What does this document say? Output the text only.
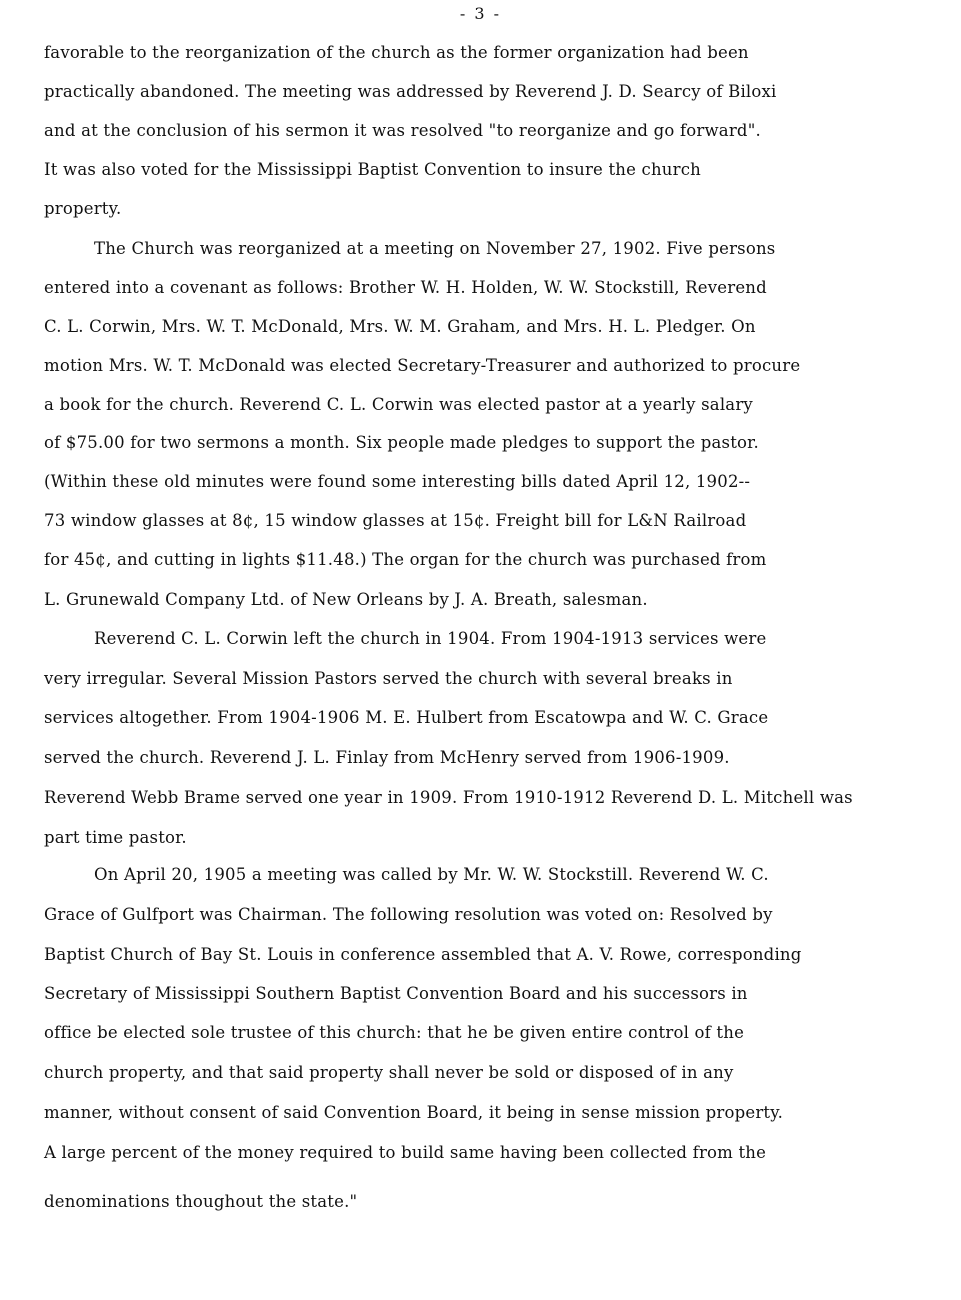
- 3 -
favorable to the reorganization of the church as the former organization had been
practically abandoned. The meeting was addressed by Reverend J. D. Searcy of Biloxi
and at the conclusion of his sermon it was resolved "to reorganize and go forward".
It was also voted for the Mississippi Baptist Convention to insure the church
property.
The Church was reorganized at a meeting on November 27, 1902. Five persons
entered into a covenant as follows: Brother W. H. Holden, W. W. Stockstill, Reverend
C. L. Corwin, Mrs. W. T. McDonald, Mrs. W. M. Graham, and Mrs. H. L. Pledger. On
motion Mrs. W. T. McDonald was elected Secretary-Treasurer and authorized to procure
a book for the church. Reverend C. L. Corwin was elected pastor at a yearly salary
of $75.00 for two sermons a month. Six people made pledges to support the pastor.
(Within these old minutes were found some interesting bills dated April 12, 1902--
73 window glasses at 8¢, 15 window glasses at 15¢. Freight bill for L&N Railroad
for 45¢, and cutting in lights $11.48.) The organ for the church was purchased from
L. Grunewald Company Ltd. of New Orleans by J. A. Breath, salesman.
Reverend C. L. Corwin left the church in 1904. From 1904-1913 services were
very irregular. Several Mission Pastors served the church with several breaks in
services altogether. From 1904-1906 M. E. Hulbert from Escatowpa and W. C. Grace
served the church. Reverend J. L. Finlay from McHenry served from 1906-1909.
Reverend Webb Brame served one year in 1909. From 1910-1912 Reverend D. L. Mitchell was
part time pastor.
On April 20, 1905 a meeting was called by Mr. W. W. Stockstill. Reverend W. C.
Grace of Gulfport was Chairman. The following resolution was voted on: Resolved by
Baptist Church of Bay St. Louis in conference assembled that A. V. Rowe, corresponding
Secretary of Mississippi Southern Baptist Convention Board and his successors in
office be elected sole trustee of this church: that he be given entire control of the
church property, and that said property shall never be sold or disposed of in any
manner, without consent of said Convention Board, it being in sense mission property.
A large percent of the money required to build same having been collected from the
denominations thoughout the state."
